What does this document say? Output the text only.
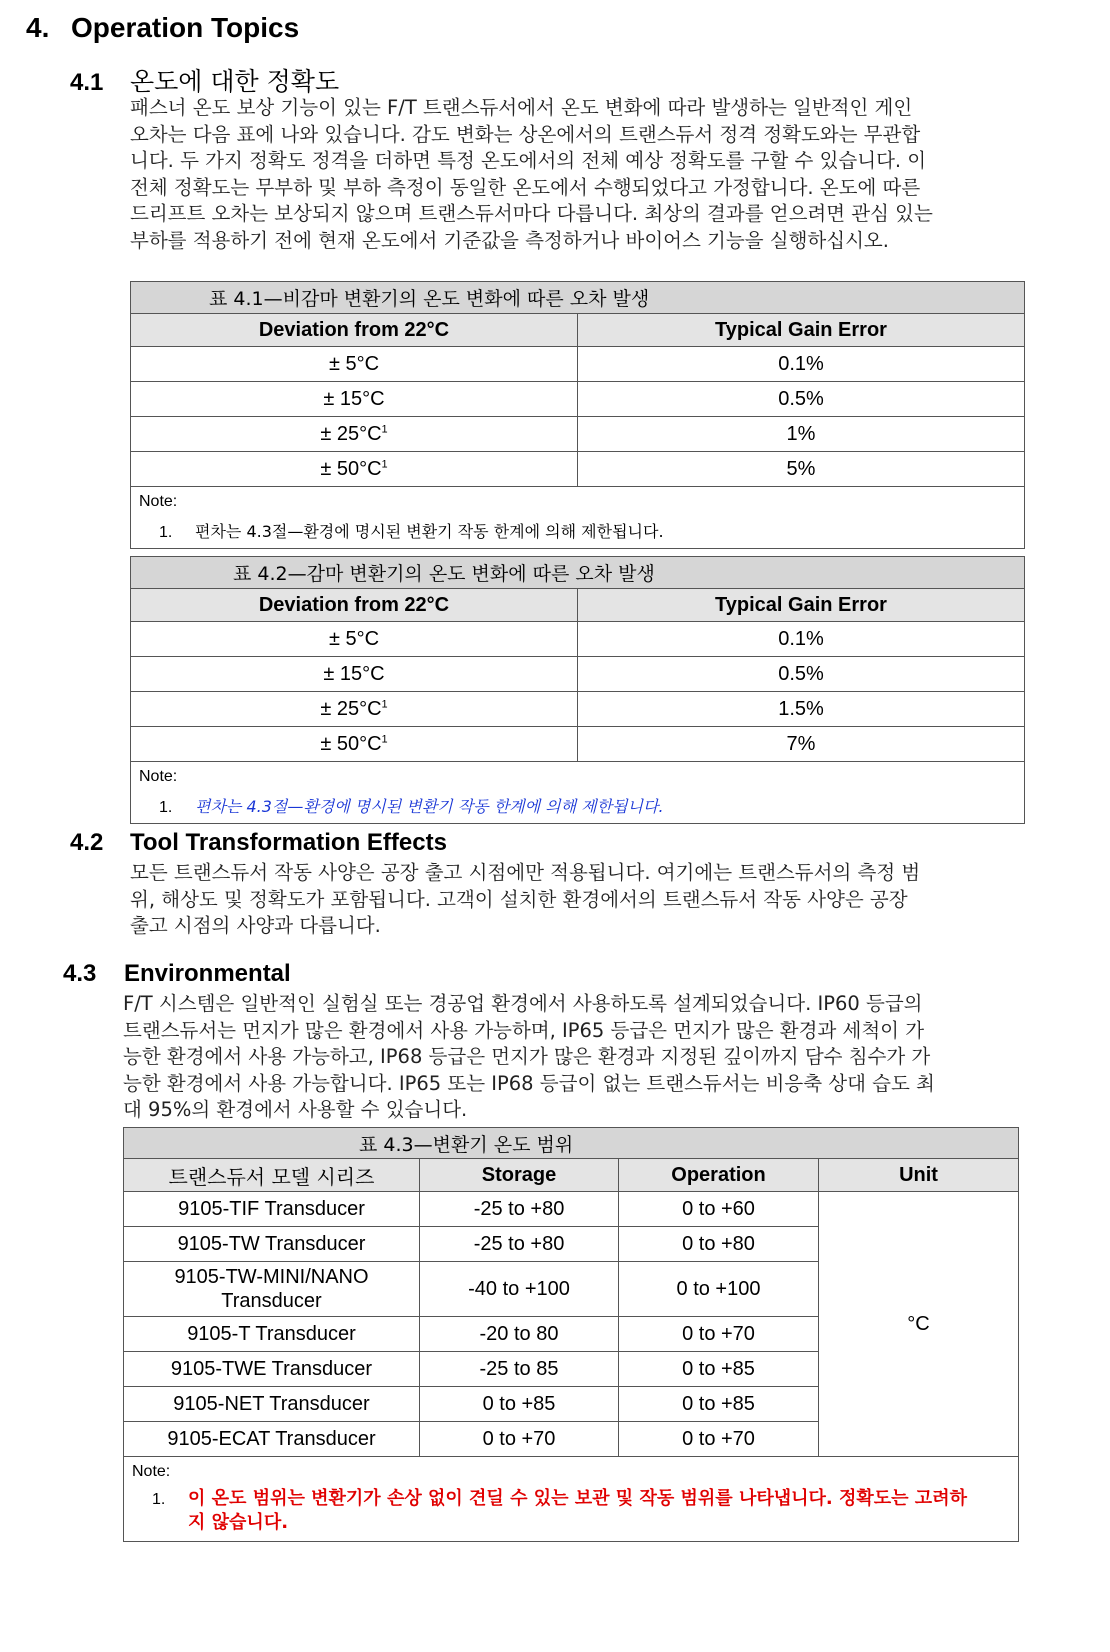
4. Operation Topics
4.1 온도에 대한 정확도
패스너 온도 보상 기능이 있는 F/T 트랜스듀서에서 온도 변화에 따라 발생하는 일반적인 게인
오차는 다음 표에 나와 있습니다. 감도 변화는 상온에서의 트랜스듀서 정격 정확도와는 무관합
니다. 두 가지 정확도 정격을 더하면 특정 온도에서의 전체 예상 정확도를 구할 수 있습니다. 이
전체 정확도는 무부하 및 부하 측정이 동일한 온도에서 수행되었다고 가정합니다. 온도에 따른
드리프트 오차는 보상되지 않으며 트랜스듀서마다 다릅니다. 최상의 결과를 얻으려면 관심 있는
부하를 적용하기 전에 현재 온도에서 기준값을 측정하거나 바이어스 기능을 실행하십시오.
표 4.1—비감마 변환기의 온도 변화에 따른 오차 발생	
Deviation from 22°C	Typical Gain Error
± 5°C	0.1%
± 15°C	0.5%
± $25^\circ C^1$	1%
± $50^\circ C^1$	5%
Note:
1. 편차는 4.3절—환경에 명시된 변환기 작동 한계에 의해 제한됩니다.	
표 4.2—감마 변환기의 온도 변화에 따른 오차 발생	
Deviation from 22°C	Typical Gain Error
± 5°C	0.1%
± 15°C	0.5%
± $25^\circ C^1$	1.5%
± $50^\circ C^1$	7%
Note:
1. 편차는 4.3절—환경에 명시된 변환기 작동 한계에 의해 제한됩니다.	
4.2 Tool Transformation Effects
모든 트랜스듀서 작동 사양은 공장 출고 시점에만 적용됩니다. 여기에는 트랜스듀서의 측정 범
위, 해상도 및 정확도가 포함됩니다. 고객이 설치한 환경에서의 트랜스듀서 작동 사양은 공장
출고 시점의 사양과 다릅니다.
4.3 Environmental
F/T 시스템은 일반적인 실험실 또는 경공업 환경에서 사용하도록 설계되었습니다. IP60 등급의
트랜스듀서는 먼지가 많은 환경에서 사용 가능하며, IP65 등급은 먼지가 많은 환경과 세척이 가
능한 환경에서 사용 가능하고, IP68 등급은 먼지가 많은 환경과 지정된 깊이까지 담수 침수가 가
능한 환경에서 사용 가능합니다. IP65 또는 IP68 등급이 없는 트랜스듀서는 비응축 상대 습도 최
대 95%의 환경에서 사용할 수 있습니다.
표 4.3—변환기 온도 범위			
트랜스듀서 모델 시리즈	Storage	Operation	Unit
9105-TIF Transducer	-25 to +80	0 to +60	°C
9105-TW Transducer	-25 to +80	0 to +80	
9105-TW-MINI/NANO
Transducer	-40 to +100	0 to +100	
9105-T Transducer	-20 to 80	0 to +70	
9105-TWE Transducer	-25 to 85	0 to +85	
9105-NET Transducer	0 to +85	0 to +85	
9105-ECAT Transducer	0 to +70	0 to +70	
Note:
1. 이 온도 범위는 변환기가 손상 없이 견딜 수 있는 보관 및 작동 범위를 나타냅니다. 정확도는 고려하
지 않습니다.			
